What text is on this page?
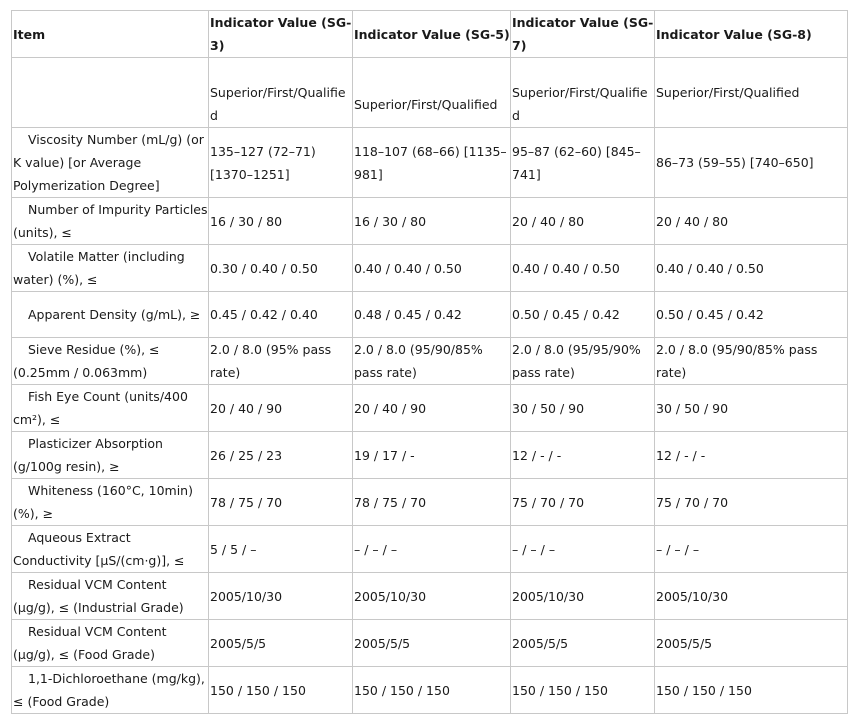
Item	Indicator Value (SG-3)	Indicator Value (SG-5)	Indicator Value (SG-7)	Indicator Value (SG-8)
	Superior/First/Qualified	Superior/First/Qualified	Superior/First/Qualified	Superior/First/Qualified
Viscosity Number (mL/g) (or K value) [or Average Polymerization Degree]	135–127 (72–71) [1370–1251]	118–107 (68–66) [1135–981]	95–87 (62–60) [845–741]	86–73 (59–55) [740–650]
Number of Impurity Particles (units), ≤	16 / 30 / 80	16 / 30 / 80	20 / 40 / 80	20 / 40 / 80
Volatile Matter (including water) (%), ≤	0.30 / 0.40 / 0.50	0.40 / 0.40 / 0.50	0.40 / 0.40 / 0.50	0.40 / 0.40 / 0.50
Apparent Density (g/mL), ≥	0.45 / 0.42 / 0.40	0.48 / 0.45 / 0.42	0.50 / 0.45 / 0.42	0.50 / 0.45 / 0.42
Sieve Residue (%), ≤ (0.25mm / 0.063mm)	2.0 / 8.0 (95% pass rate)	2.0 / 8.0 (95/90/85% pass rate)	2.0 / 8.0 (95/95/90% pass rate)	2.0 / 8.0 (95/90/85% pass rate)
Fish Eye Count (units/400 cm²), ≤	20 / 40 / 90	20 / 40 / 90	30 / 50 / 90	30 / 50 / 90
Plasticizer Absorption (g/100g resin), ≥	26 / 25 / 23	19 / 17 / -	12 / - / -	12 / - / -
Whiteness (160°C, 10min) (%), ≥	78 / 75 / 70	78 / 75 / 70	75 / 70 / 70	75 / 70 / 70
Aqueous Extract Conductivity [μS/(cm·g)], ≤	5 / 5 / –	– / – / –	– / – / –	– / – / –
Residual VCM Content (μg/g), ≤ (Industrial Grade)	2005/10/30	2005/10/30	2005/10/30	2005/10/30
Residual VCM Content (μg/g), ≤ (Food Grade)	2005/5/5	2005/5/5	2005/5/5	2005/5/5
1,1-Dichloroethane (mg/kg), ≤ (Food Grade)	150 / 150 / 150	150 / 150 / 150	150 / 150 / 150	150 / 150 / 150
